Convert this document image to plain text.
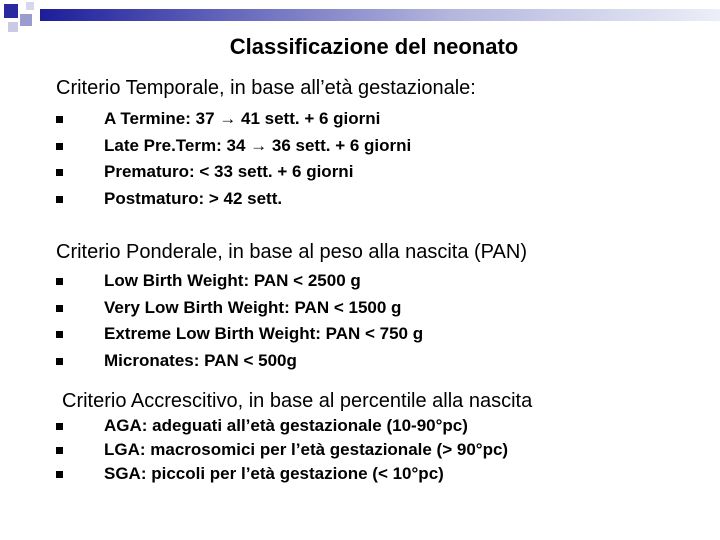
Classificazione del neonato

Criterio Temporale, in base all’età gestazionale:

A Termine: 37 → 41 sett. + 6 giorni
Late Pre.Term: 34 → 36 sett. + 6 giorni
Prematuro: < 33 sett. + 6 giorni
Postmaturo: > 42 sett.

Criterio Ponderale, in base al peso alla nascita (PAN)

Low Birth Weight: PAN < 2500 g
Very Low Birth Weight: PAN < 1500 g
Extreme Low Birth Weight: PAN < 750 g
Micronates: PAN < 500g

Criterio Accrescitivo, in base al percentile alla nascita

AGA: adeguati all’età gestazionale (10-90°pc)
LGA: macrosomici per l’età gestazionale (> 90°pc)
SGA: piccoli per l’età gestazione (< 10°pc)
